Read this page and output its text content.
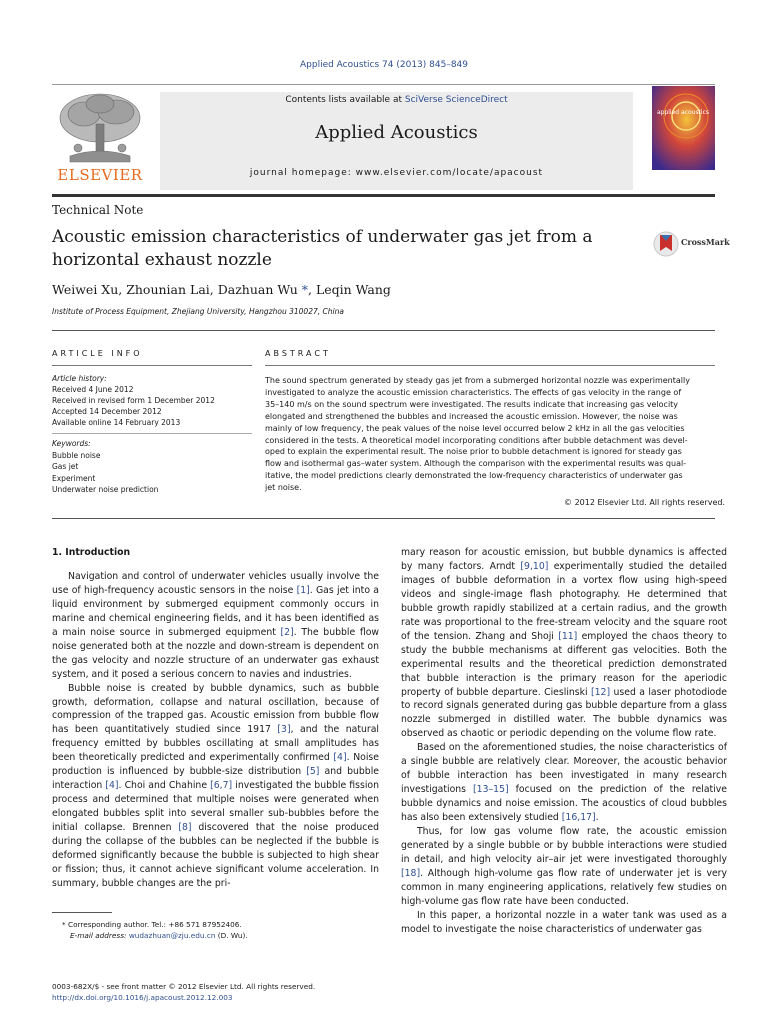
Applied Acoustics 74 (2013) 845–849
ELSEVIER
Contents lists available at SciVerse ScienceDirect
Applied Acoustics
journal homepage: www.elsevier.com/locate/apacoust
applied acoustics
Technical Note
Acoustic emission characteristics of underwater gas jet from a horizontal exhaust nozzle
CrossMark
Weiwei Xu, Zhounian Lai, Dazhuan Wu *, Leqin Wang
Institute of Process Equipment, Zhejiang University, Hangzhou 310027, China
ARTICLE INFO	ABSTRACT
Article history:
Received 4 June 2012
Received in revised form 1 December 2012
Accepted 14 December 2012
Available online 14 February 2013
Keywords:
Bubble noise
Gas jet
Experiment
Underwater noise prediction
The sound spectrum generated by steady gas jet from a submerged horizontal nozzle was experimentally
investigated to analyze the acoustic emission characteristics. The effects of gas velocity in the range of
35–140 m/s on the sound spectrum were investigated. The results indicate that increasing gas velocity
elongated and strengthened the bubbles and increased the acoustic emission. However, the noise was
mainly of low frequency, the peak values of the noise level occurred below 2 kHz in all the gas velocities
considered in the tests. A theoretical model incorporating conditions after bubble detachment was devel-
oped to explain the experimental result. The noise prior to bubble detachment is ignored for steady gas
flow and isothermal gas–water system. Although the comparison with the experimental results was qual-
itative, the model predictions clearly demonstrated the low-frequency characteristics of underwater gas
jet noise.
© 2012 Elsevier Ltd. All rights reserved.

1. Introduction

Navigation and control of underwater vehicles usually involve the use of high-frequency acoustic sensors in the noise [1]. Gas jet into a liquid environment by submerged equipment commonly occurs in marine and chemical engineering fields, and it has been identified as a main noise source in submerged equipment [2]. The bubble flow noise generated both at the nozzle and down-stream is dependent on the gas velocity and nozzle structure of an underwater gas exhaust system, and it posed a serious concern to navies and industries.

Bubble noise is created by bubble dynamics, such as bubble growth, deformation, collapse and natural oscillation, because of compression of the trapped gas. Acoustic emission from bubble flow has been quantitatively studied since 1917 [3], and the natural frequency emitted by bubbles oscillating at small amplitudes has been theoretically predicted and experimentally confirmed [4]. Noise production is influenced by bubble-size distribution [5] and bubble interaction [4]. Choi and Chahine [6,7] investigated the bubble fission process and determined that multiple noises were generated when elongated bubbles split into several smaller sub-bubbles before the initial collapse. Brennen [8] discovered that the noise produced during the collapse of the bubbles can be neglected if the bubble is deformed significantly because the bubble is subjected to high shear or fission; thus, it cannot achieve significant volume acceleration. In summary, bubble changes are the pri-

mary reason for acoustic emission, but bubble dynamics is affected by many factors. Arndt [9,10] experimentally studied the detailed images of bubble deformation in a vortex flow using high-speed videos and single-image flash photography. He determined that bubble growth rapidly stabilized at a certain radius, and the growth rate was proportional to the free-stream velocity and the square root of the tension. Zhang and Shoji [11] employed the chaos theory to study the bubble mechanisms at different gas velocities. Both the experimental results and the theoretical prediction demonstrated that bubble interaction is the primary reason for the aperiodic property of bubble departure. Cieslinski [12] used a laser photodiode to record signals generated during gas bubble departure from a glass nozzle submerged in distilled water. The bubble dynamics was observed as chaotic or periodic depending on the volume flow rate.

Based on the aforementioned studies, the noise characteristics of a single bubble are relatively clear. Moreover, the acoustic behavior of bubble interaction has been investigated in many research investigations [13–15] focused on the prediction of the relative bubble dynamics and noise emission. The acoustics of cloud bubbles has also been extensively studied [16,17].

Thus, for low gas volume flow rate, the acoustic emission generated by a single bubble or by bubble interactions were studied in detail, and high velocity air–air jet were investigated thoroughly [18]. Although high-volume gas flow rate of underwater jet is very common in many engineering applications, relatively few studies on high-volume gas flow rate have been conducted.

In this paper, a horizontal nozzle in a water tank was used as a model to investigate the noise characteristics of underwater gas

* Corresponding author. Tel.: +86 571 87952406.
E-mail address: wudazhuan@zju.edu.cn (D. Wu).
0003-682X/$ - see front matter © 2012 Elsevier Ltd. All rights reserved.
http://dx.doi.org/10.1016/j.apacoust.2012.12.003
